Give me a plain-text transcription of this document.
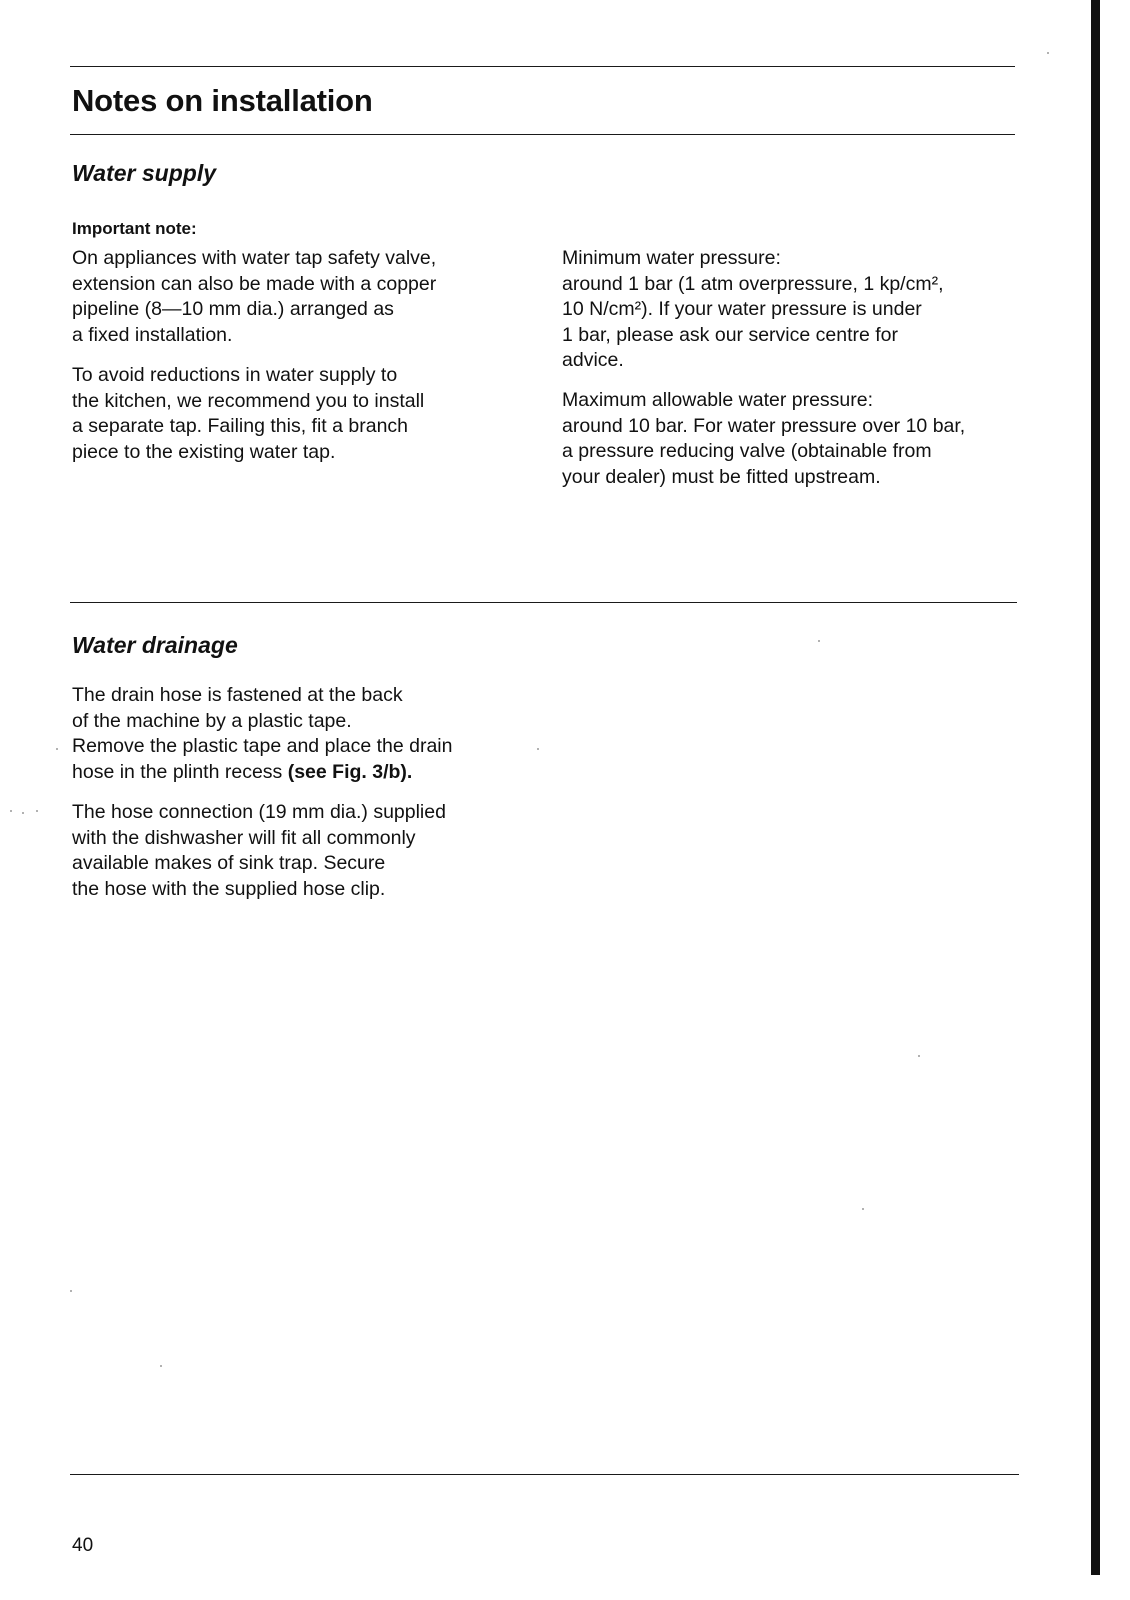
Notes on installation
Water supply
Important note:

On appliances with water tap safety valve,
extension can also be made with a copper
pipeline (8—10 mm dia.) arranged as
a fixed installation.

To avoid reductions in water supply to
the kitchen, we recommend you to install
a separate tap. Failing this, fit a branch
piece to the existing water tap.

Minimum water pressure:
around 1 bar (1 atm overpressure, 1 kp/cm²,
10 N/cm²). If your water pressure is under
1 bar, please ask our service centre for
advice.

Maximum allowable water pressure:
around 10 bar. For water pressure over 10 bar,
a pressure reducing valve (obtainable from
your dealer) must be fitted upstream.

Water drainage

The drain hose is fastened at the back
of the machine by a plastic tape.
Remove the plastic tape and place the drain
hose in the plinth recess (see Fig. 3/b).

The hose connection (19 mm dia.) supplied
with the dishwasher will fit all commonly
available makes of sink trap. Secure
the hose with the supplied hose clip.

40
